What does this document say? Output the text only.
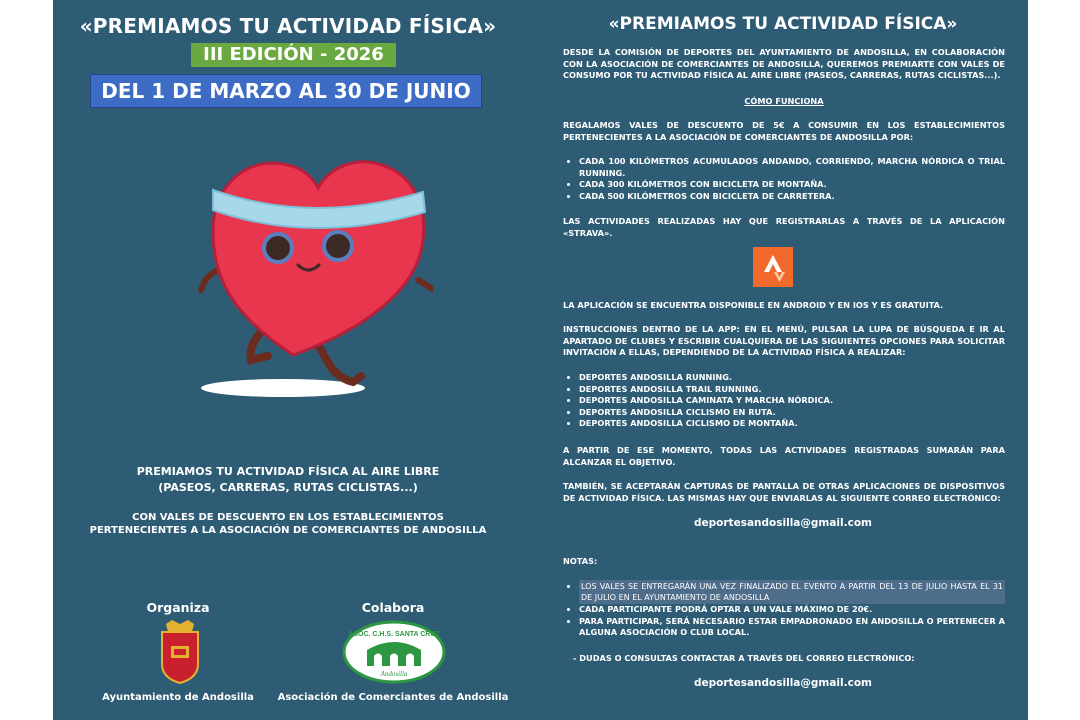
«PREMIAMOS TU ACTIVIDAD FÍSICA»
III EDICIÓN - 2026
DEL 1 DE MARZO AL 30 DE JUNIO
PREMIAMOS TU ACTIVIDAD FÍSICA AL AIRE LIBRE
(PASEOS, CARRERAS, RUTAS CICLISTAS...)
CON VALES DE DESCUENTO EN LOS ESTABLECIMIENTOS
PERTENECIENTES A LA ASOCIACIÓN DE COMERCIANTES DE ANDOSILLA
Organiza	Colabora
ASOC. C.H.S. SANTA CRUZ
Andosilla
Ayuntamiento de Andosilla	Asociación de Comerciantes de Andosilla
«PREMIAMOS TU ACTIVIDAD FÍSICA»
DESDE LA COMISIÓN DE DEPORTES DEL AYUNTAMIENTO DE ANDOSILLA, EN COLABORACIÓN CON LA ASOCIACIÓN DE COMERCIANTES DE ANDOSILLA, QUEREMOS PREMIARTE CON VALES DE CONSUMO POR TU ACTIVIDAD FÍSICA AL AIRE LIBRE (PASEOS, CARRERAS, RUTAS CICLISTAS...).
CÓMO FUNCIONA
REGALAMOS VALES DE DESCUENTO DE 5€ A CONSUMIR EN LOS ESTABLECIMIENTOS PERTENECIENTES A LA ASOCIACIÓN DE COMERCIANTES DE ANDOSILLA POR:
• CADA 100 KILÓMETROS ACUMULADOS ANDANDO, CORRIENDO, MARCHA NÓRDICA O TRIAL RUNNING.
• CADA 300 KILÓMETROS CON BICICLETA DE MONTAÑA.
• CADA 500 KILÓMETROS CON BICICLETA DE CARRETERA.
LAS ACTIVIDADES REALIZADAS HAY QUE REGISTRARLAS A TRAVÉS DE LA APLICACIÓN «STRAVA».
LA APLICACIÓN SE ENCUENTRA DISPONIBLE EN ANDROID Y EN IOS Y ES GRATUITA.
INSTRUCCIONES DENTRO DE LA APP: EN EL MENÚ, PULSAR LA LUPA DE BÚSQUEDA E IR AL APARTADO DE CLUBES Y ESCRIBIR CUALQUIERA DE LAS SIGUIENTES OPCIONES PARA SOLICITAR INVITACIÓN A ELLAS, DEPENDIENDO DE LA ACTIVIDAD FÍSICA A REALIZAR:
• DEPORTES ANDOSILLA RUNNING.
• DEPORTES ANDOSILLA TRAIL RUNNING.
• DEPORTES ANDOSILLA CAMINATA Y MARCHA NÓRDICA.
• DEPORTES ANDOSILLA CICLISMO EN RUTA.
• DEPORTES ANDOSILLA CICLISMO DE MONTAÑA.
A PARTIR DE ESE MOMENTO, TODAS LAS ACTIVIDADES REGISTRADAS SUMARÁN PARA ALCANZAR EL OBJETIVO.
TAMBIÉN, SE ACEPTARÁN CAPTURAS DE PANTALLA DE OTRAS APLICACIONES DE DISPOSITIVOS DE ACTIVIDAD FÍSICA. LAS MISMAS HAY QUE ENVIARLAS AL SIGUIENTE CORREO ELECTRÓNICO:
deportesandosilla@gmail.com
NOTAS:
• LOS VALES SE ENTREGARÁN UNA VEZ FINALIZADO EL EVENTO A PARTIR DEL 13 DE JULIO HASTA EL 31 DE JULIO EN EL AYUNTAMIENTO DE ANDOSILLA
• CADA PARTICIPANTE PODRÁ OPTAR A UN VALE MÁXIMO DE 20€.
• PARA PARTICIPAR, SERÁ NECESARIO ESTAR EMPADRONADO EN ANDOSILLA O PERTENECER A ALGUNA ASOCIACIÓN O CLUB LOCAL.
- DUDAS O CONSULTAS CONTACTAR A TRAVÉS DEL CORREO ELECTRÓNICO:
deportesandosilla@gmail.com
